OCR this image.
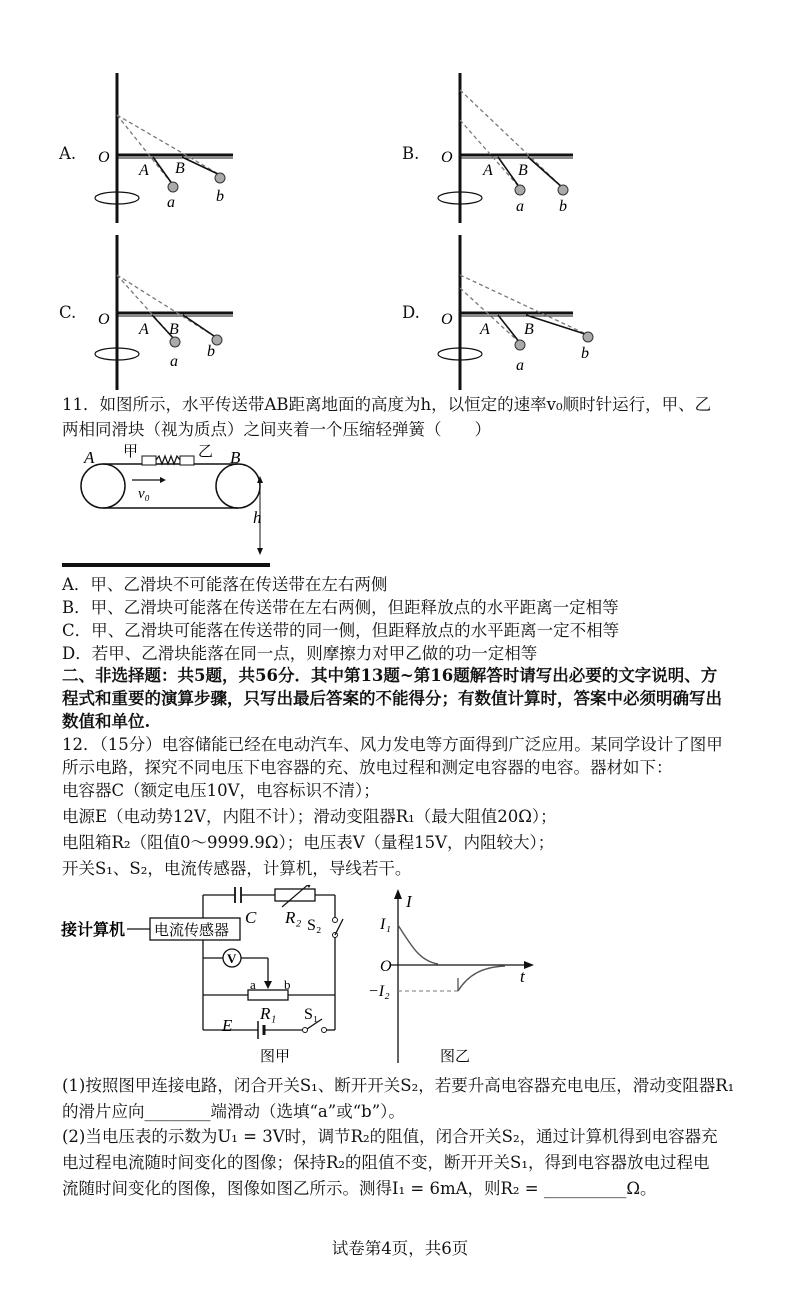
A. O
A B
a	b
B. O
A B
a b
C. O
A B
a
b
D. O
A B
a
b
11．如图所示，水平传送带AB距离地面的高度为h，以恒定的速率v₀顺时针运行，甲、乙
两相同滑块（视为质点）之间夹着一个压缩轻弹簧（　　）
A	B
甲	乙
v₀
h
A．甲、乙滑块不可能落在传送带在左右两侧
B．甲、乙滑块可能落在传送带在左右两侧，但距释放点的水平距离一定相等
C．甲、乙滑块可能落在传送带的同一侧，但距释放点的水平距离一定不相等
D．若甲、乙滑块能落在同一点，则摩擦力对甲乙做的功一定相等
二、非选择题：共5题，共56分．其中第13题~第16题解答时请写出必要的文字说明、方
程式和重要的演算步骤，只写出最后答案的不能得分；有数值计算时，答案中必须明确写出
数值和单位.
12．（15分）电容储能已经在电动汽车、风力发电等方面得到广泛应用。某同学设计了图甲
所示电路，探究不同电压下电容器的充、放电过程和测定电容器的电容。器材如下：
电容器C（额定电压10V，电容标识不清）；
电源E（电动势12V，内阻不计）；滑动变阻器R₁（最大阻值20Ω）；
电阻箱R₂（阻值0～9999.9Ω）；电压表V（量程15V，内阻较大）；
开关S₁、S₂，电流传感器，计算机，导线若干。
接计算机 电流传感器
C R₂ S₂
V
a b
R₁
E
S₁
图甲
I
I₁
O
−I₂
t
图乙
(1)按照图甲连接电路，闭合开关S₁、断开开关S₂，若要升高电容器充电电压，滑动变阻器R₁
的滑片应向________端滑动（选填“a”或“b”）。
(2)当电压表的示数为U₁ = 3V时，调节R₂的阻值，闭合开关S₂，通过计算机得到电容器充
电过程电流随时间变化的图像；保持R₂的阻值不变，断开开关S₁，得到电容器放电过程电
流随时间变化的图像，图像如图乙所示。测得I₁ = 6mA，则R₂ = __________Ω。
试卷第4页，共6页
